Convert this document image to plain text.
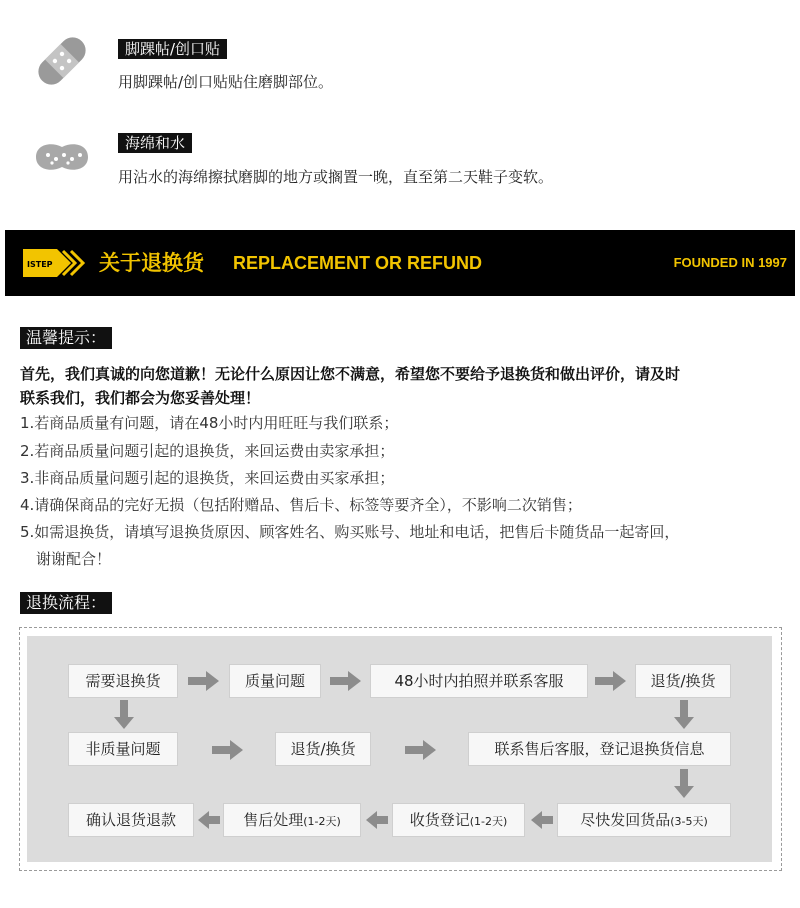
脚踝帖/创口贴
用脚踝帖/创口贴贴住磨脚部位。
海绵和水
用沾水的海绵擦拭磨脚的地方或搁置一晚，直至第二天鞋子变软。
ISTEP 关于退换货 REPLACEMENT OR REFUND	FOUNDED IN 1997
温馨提示：
首先，我们真诚的向您道歉！无论什么原因让您不满意，希望您不要给予退换货和做出评价，请及时
联系我们，我们都会为您妥善处理！
1.若商品质量有问题，请在48小时内用旺旺与我们联系；
2.若商品质量问题引起的退换货，来回运费由卖家承担；
3.非商品质量问题引起的退换货，来回运费由买家承担；
4.请确保商品的完好无损（包括附赠品、售后卡、标签等要齐全），不影响二次销售；
5.如需退换货，请填写退换货原因、顾客姓名、购买账号、地址和电话，把售后卡随货品一起寄回，
谢谢配合！
退换流程：
需要退换货	质量问题	48小时内拍照并联系客服	退货/换货
非质量问题	退货/换货	联系售后客服，登记退换货信息
确认退货退款	售后处理(1-2天)	收货登记(1-2天)	尽快发回货品(3-5天)
